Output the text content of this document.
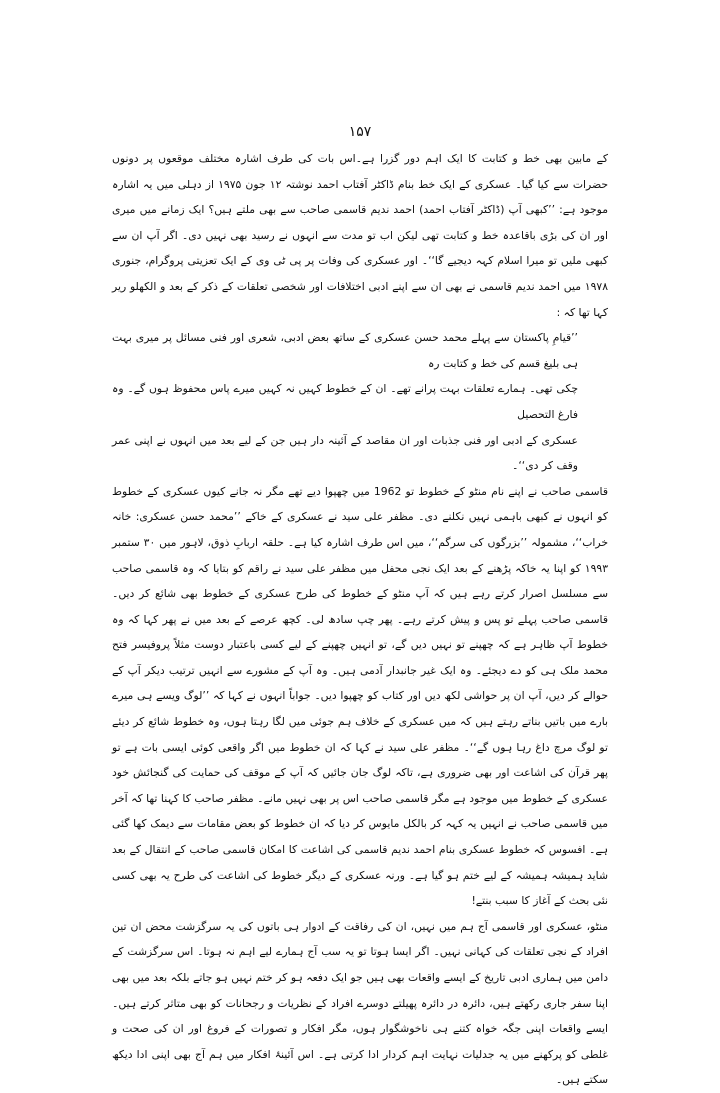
۱۵۷

کے مابین بھی خط و کتابت کا ایک اہم دور گزرا ہے۔اس بات کی طرف اشارہ مختلف موقعوں پر دونوں حضرات سے کیا گیا۔ عسکری کے ایک خط بنام ڈاکٹر آفتاب احمد نوشتہ ۱۲ جون ۱۹۷۵ از دہلی میں یہ اشارہ موجود ہے: ’’کبھی آپ (ڈاکٹر آفتاب احمد) احمد ندیم قاسمی صاحب سے بھی ملتے ہیں؟ ایک زمانے میں میری اور ان کی بڑی باقاعدہ خط و کتابت تھی لیکن اب تو مدت سے انہوں نے رسید بھی نہیں دی۔ اگر آپ ان سے کبھی ملیں تو میرا اسلام کہہ دیجیے گا‘‘۔ اور عسکری کی وفات پر پی ٹی وی کے ایک تعزیتی پروگرام، جنوری ۱۹۷۸ میں احمد ندیم قاسمی نے بھی ان سے اپنے ادبی اختلافات اور شخصی تعلقات کے ذکر کے بعد و الکھلو ریر کہا تھا کہ :

’’قیامِ پاکستان سے پہلے محمد حسن عسکری کے ساتھ بعض ادبی، شعری اور فنی مسائل پر میری بہت ہی بلیغ قسم کی خط و کتابت رہ

چکی تھی۔ ہمارے تعلقات بہت پرانے تھے۔ ان کے خطوط کہیں نہ کہیں میرے پاس محفوظ ہوں گے۔ وہ فارغ التحصیل

عسکری کے ادبی اور فنی جذبات اور ان مقاصد کے آئینہ دار ہیں جن کے لیے بعد میں انہوں نے اپنی عمر وقف کر دی‘‘۔

قاسمی صاحب نے اپنے نام منٹو کے خطوط تو 1962 میں چھپوا دیے تھے مگر نہ جانے کیوں عسکری کے خطوط کو انہوں نے کبھی باہمی نہیں نکلنے دی۔ مظفر علی سید نے عسکری کے خاکے ’’محمد حسن عسکری: خانہ خراب‘‘، مشمولہ ’’بزرگوں کی سرگم‘‘، میں اس طرف اشارہ کیا ہے۔ حلقہ اربابِ ذوق، لاہور میں ۳۰ ستمبر ۱۹۹۳ کو اپنا یہ خاکہ پڑھنے کے بعد ایک نجی محفل میں مظفر علی سید نے راقم کو بتایا کہ وہ قاسمی صاحب سے مسلسل اصرار کرتے رہے ہیں کہ آپ منٹو کے خطوط کی طرح عسکری کے خطوط بھی شائع کر دیں۔ قاسمی صاحب پہلے تو پس و پیش کرتے رہے۔ پھر چپ سادھ لی۔ کچھ عرصے کے بعد میں نے پھر کہا کہ وہ خطوط آپ ظاہر ہے کہ چھپنے تو نہیں دیں گے، تو انہیں چھپنے کے لیے کسی باعتبار دوست مثلاً پروفیسر فتح محمد ملک ہی کو دے دیجئے۔ وہ ایک غیر جانبدار آدمی ہیں۔ وہ آپ کے مشورے سے انہیں ترتیب دیکر آپ کے حوالے کر دیں، آپ ان پر حواشی لکھ دیں اور کتاب کو چھپوا دیں۔ جواباً انہوں نے کہا کہ ’’لوگ ویسے ہی میرے بارے میں باتیں بناتے رہتے ہیں کہ میں عسکری کے خلاف ہم جوئی میں لگا رہتا ہوں، وہ خطوط شائع کر دیئے تو لوگ مرچ داغ رہا ہوں گے‘‘۔ مظفر علی سید نے کہا کہ ان خطوط میں اگر واقعی کوئی ایسی بات ہے تو پھر قرآن کی اشاعت اور بھی ضروری ہے، تاکہ لوگ جان جائیں کہ آپ کے موقف کی حمایت کی گنجائش خود عسکری کے خطوط میں موجود ہے مگر قاسمی صاحب اس پر بھی نہیں مانے۔ مظفر صاحب کا کہنا تھا کہ آخر میں قاسمی صاحب نے انہیں یہ کہہ کر بالکل مایوس کر دیا کہ ان خطوط کو بعض مقامات سے دیمک کھا گئی ہے۔ افسوس کہ خطوط عسکری بنام احمد ندیم قاسمی کی اشاعت کا امکان قاسمی صاحب کے انتقال کے بعد شاید ہمیشہ ہمیشہ کے لیے ختم ہو گیا ہے۔ ورنہ عسکری کے دیگر خطوط کی اشاعت کی طرح یہ بھی کسی نئی بحث کے آغاز کا سبب بنتے!

منٹو، عسکری اور قاسمی آج ہم میں نہیں، ان کی رفاقت کے ادوار ہی باتوں کی یہ سرگزشت محض ان تین افراد کے نجی تعلقات کی کہانی نہیں۔ اگر ایسا ہوتا تو یہ سب آج ہمارے لیے اہم نہ ہوتا۔ اس سرگزشت کے دامن میں ہماری ادبی تاریخ کے ایسے واقعات بھی ہیں جو ایک دفعہ ہو کر ختم نہیں ہو جاتے بلکہ بعد میں بھی اپنا سفر جاری رکھتے ہیں، دائرہ در دائرہ پھیلتے دوسرے افراد کے نظریات و رجحانات کو بھی متاثر کرتے ہیں۔ ایسے واقعات اپنی جگہ خواہ کتنے ہی ناخوشگوار ہوں، مگر افکار و تصورات کے فروغ اور ان کی صحت و غلطی کو پرکھنے میں یہ جدلیات نہایت اہم کردار ادا کرتی ہے۔ اس آئینۂ افکار میں ہم آج بھی اپنی ادا دیکھ سکتے ہیں۔
